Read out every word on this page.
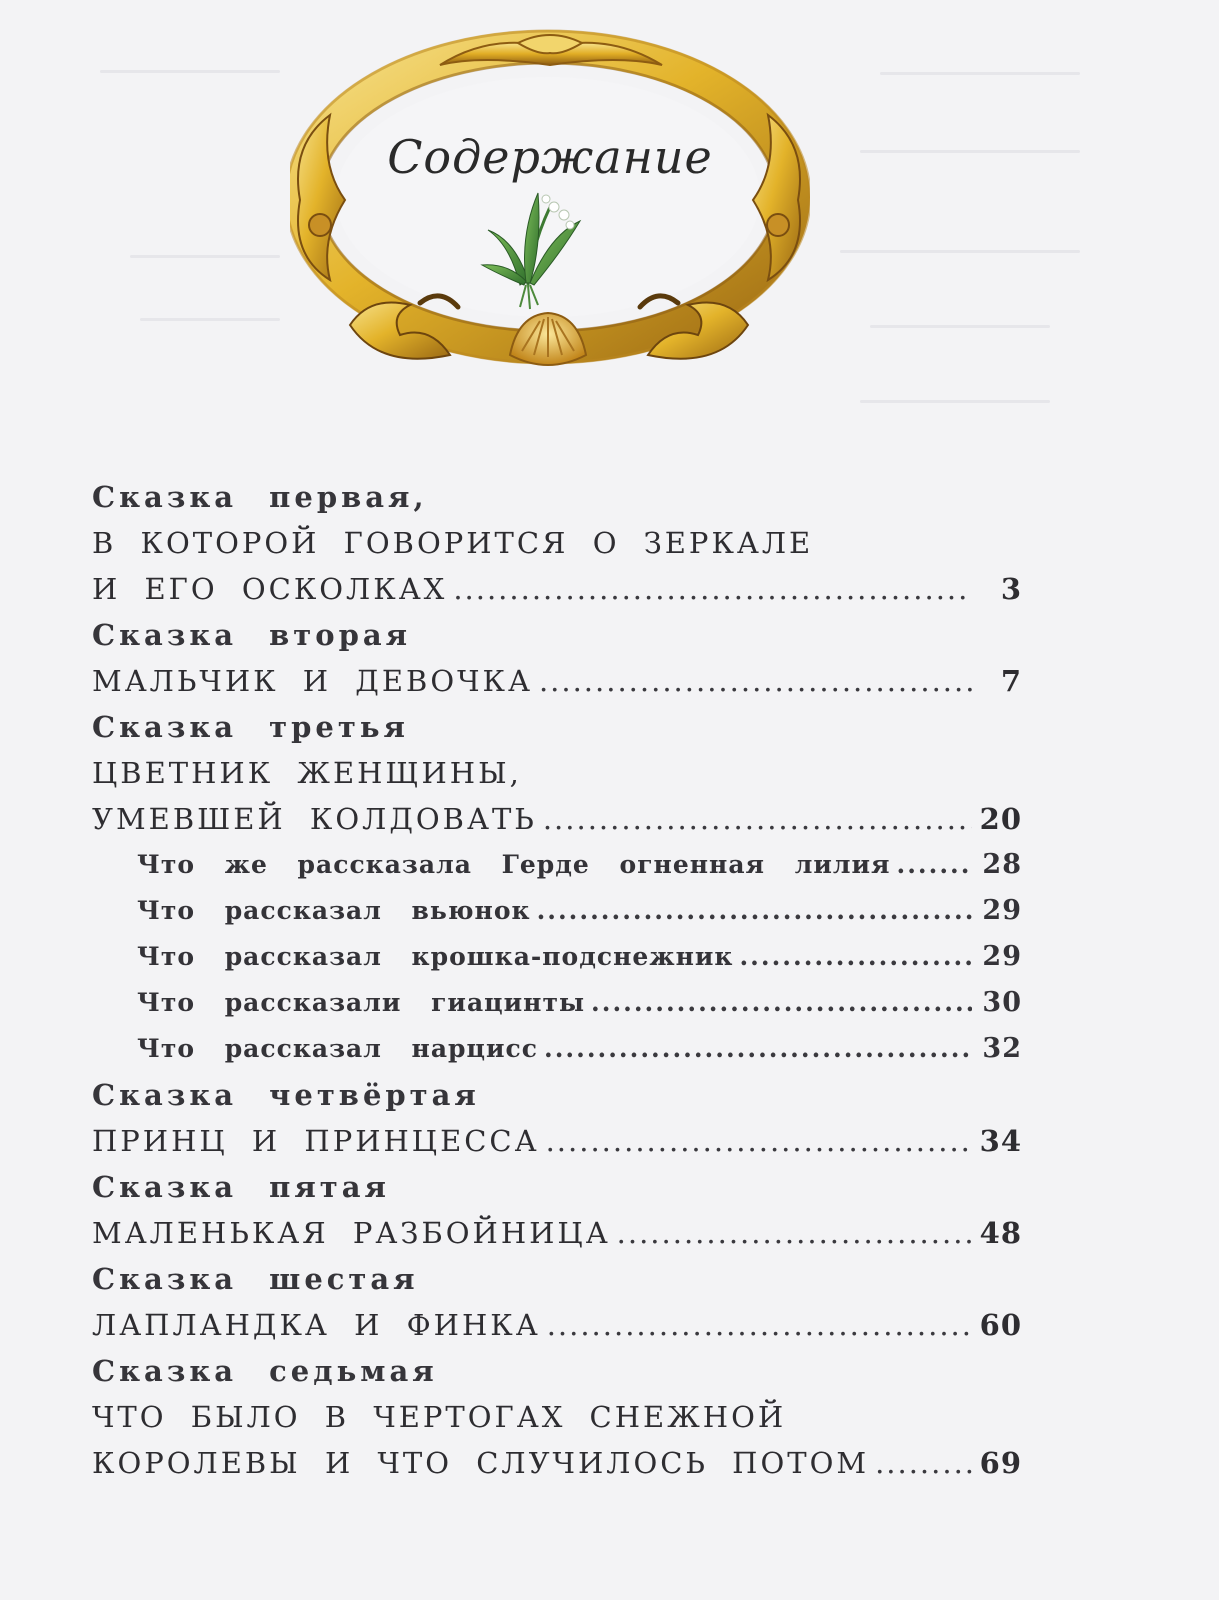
Содержание
Сказка первая,
В КОТОРОЙ ГОВОРИТСЯ О ЗЕРКАЛЕ
И ЕГО ОСКОЛКАХ .....	3
Сказка вторая
МАЛЬЧИК И ДЕВОЧКА .....	7
Сказка третья
ЦВЕТНИК ЖЕНЩИНЫ,
УМЕВШЕЙ КОЛДОВАТЬ .....	20
Что же рассказала Герде огненная лилия .....	28
Что рассказал вьюнок .....	29
Что рассказал крошка-подснежник .....	29
Что рассказали гиацинты .....	30
Что рассказал нарцисс .....	32
Сказка четвёртая
ПРИНЦ И ПРИНЦЕССА .....	34
Сказка пятая
МАЛЕНЬКАЯ РАЗБОЙНИЦА .....	48
Сказка шестая
ЛАПЛАНДКА И ФИНКА .....	60
Сказка седьмая
ЧТО БЫЛО В ЧЕРТОГАХ СНЕЖНОЙ
КОРОЛЕВЫ И ЧТО СЛУЧИЛОСЬ ПОТОМ .....	69
